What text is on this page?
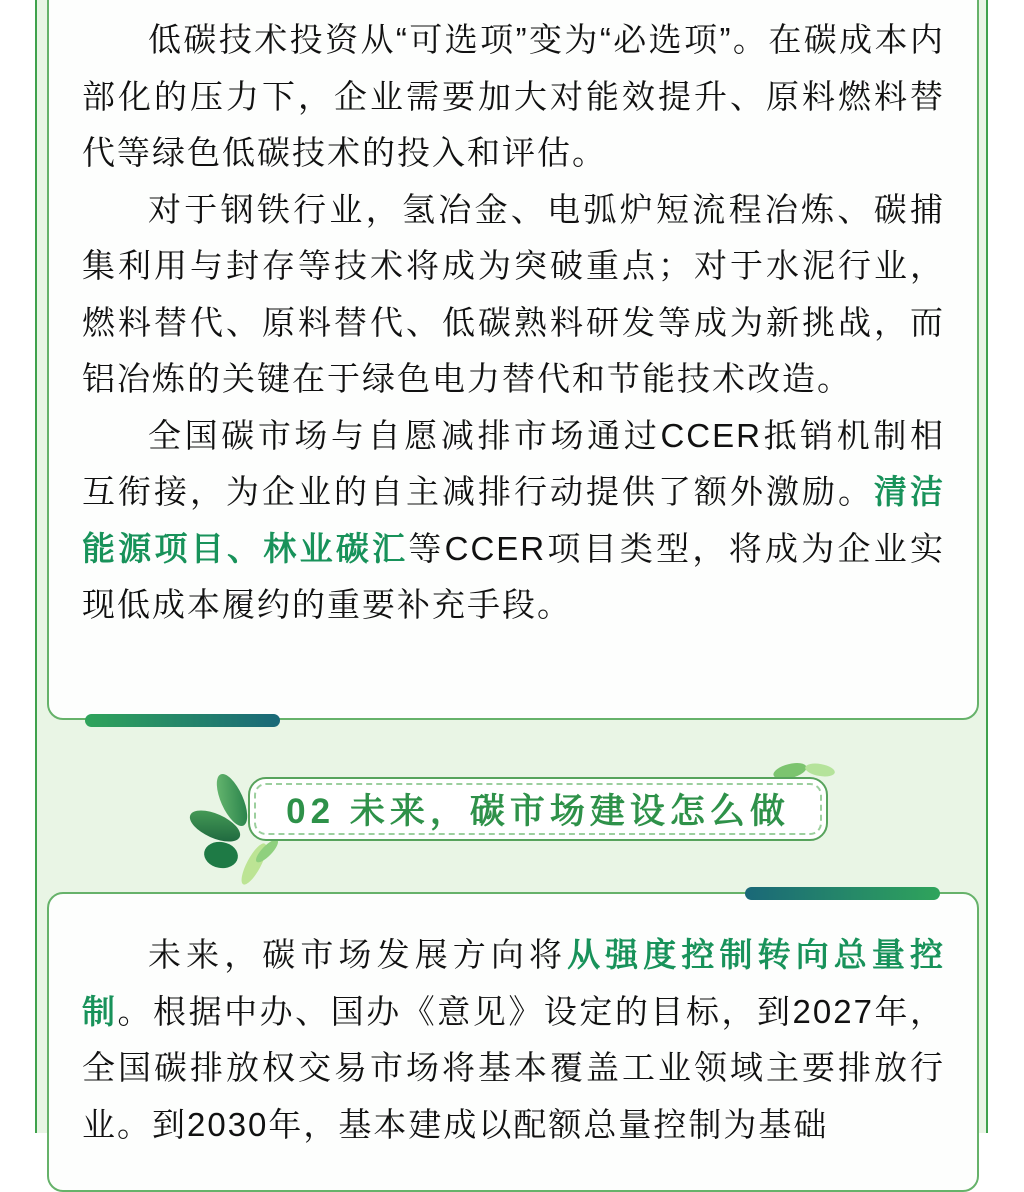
低碳技术投资从“可选项”变为“必选项”。在碳成本内部化的压力下，企业需要加大对能效提升、原料燃料替代等绿色低碳技术的投入和评估。

对于钢铁行业，氢冶金、电弧炉短流程冶炼、碳捕集利用与封存等技术将成为突破重点；对于水泥行业，燃料替代、原料替代、低碳熟料研发等成为新挑战，而铝冶炼的关键在于绿色电力替代和节能技术改造。

全国碳市场与自愿减排市场通过CCER抵销机制相互衔接，为企业的自主减排行动提供了额外激励。清洁能源项目、林业碳汇等CCER项目类型，将成为企业实现低成本履约的重要补充手段。

02 未来，碳市场建设怎么做

未来，碳市场发展方向将从强度控制转向总量控制。根据中办、国办《意见》设定的目标，到2027年，全国碳排放权交易市场将基本覆盖工业领域主要排放行业。到2030年，基本建成以配额总量控制为基础
